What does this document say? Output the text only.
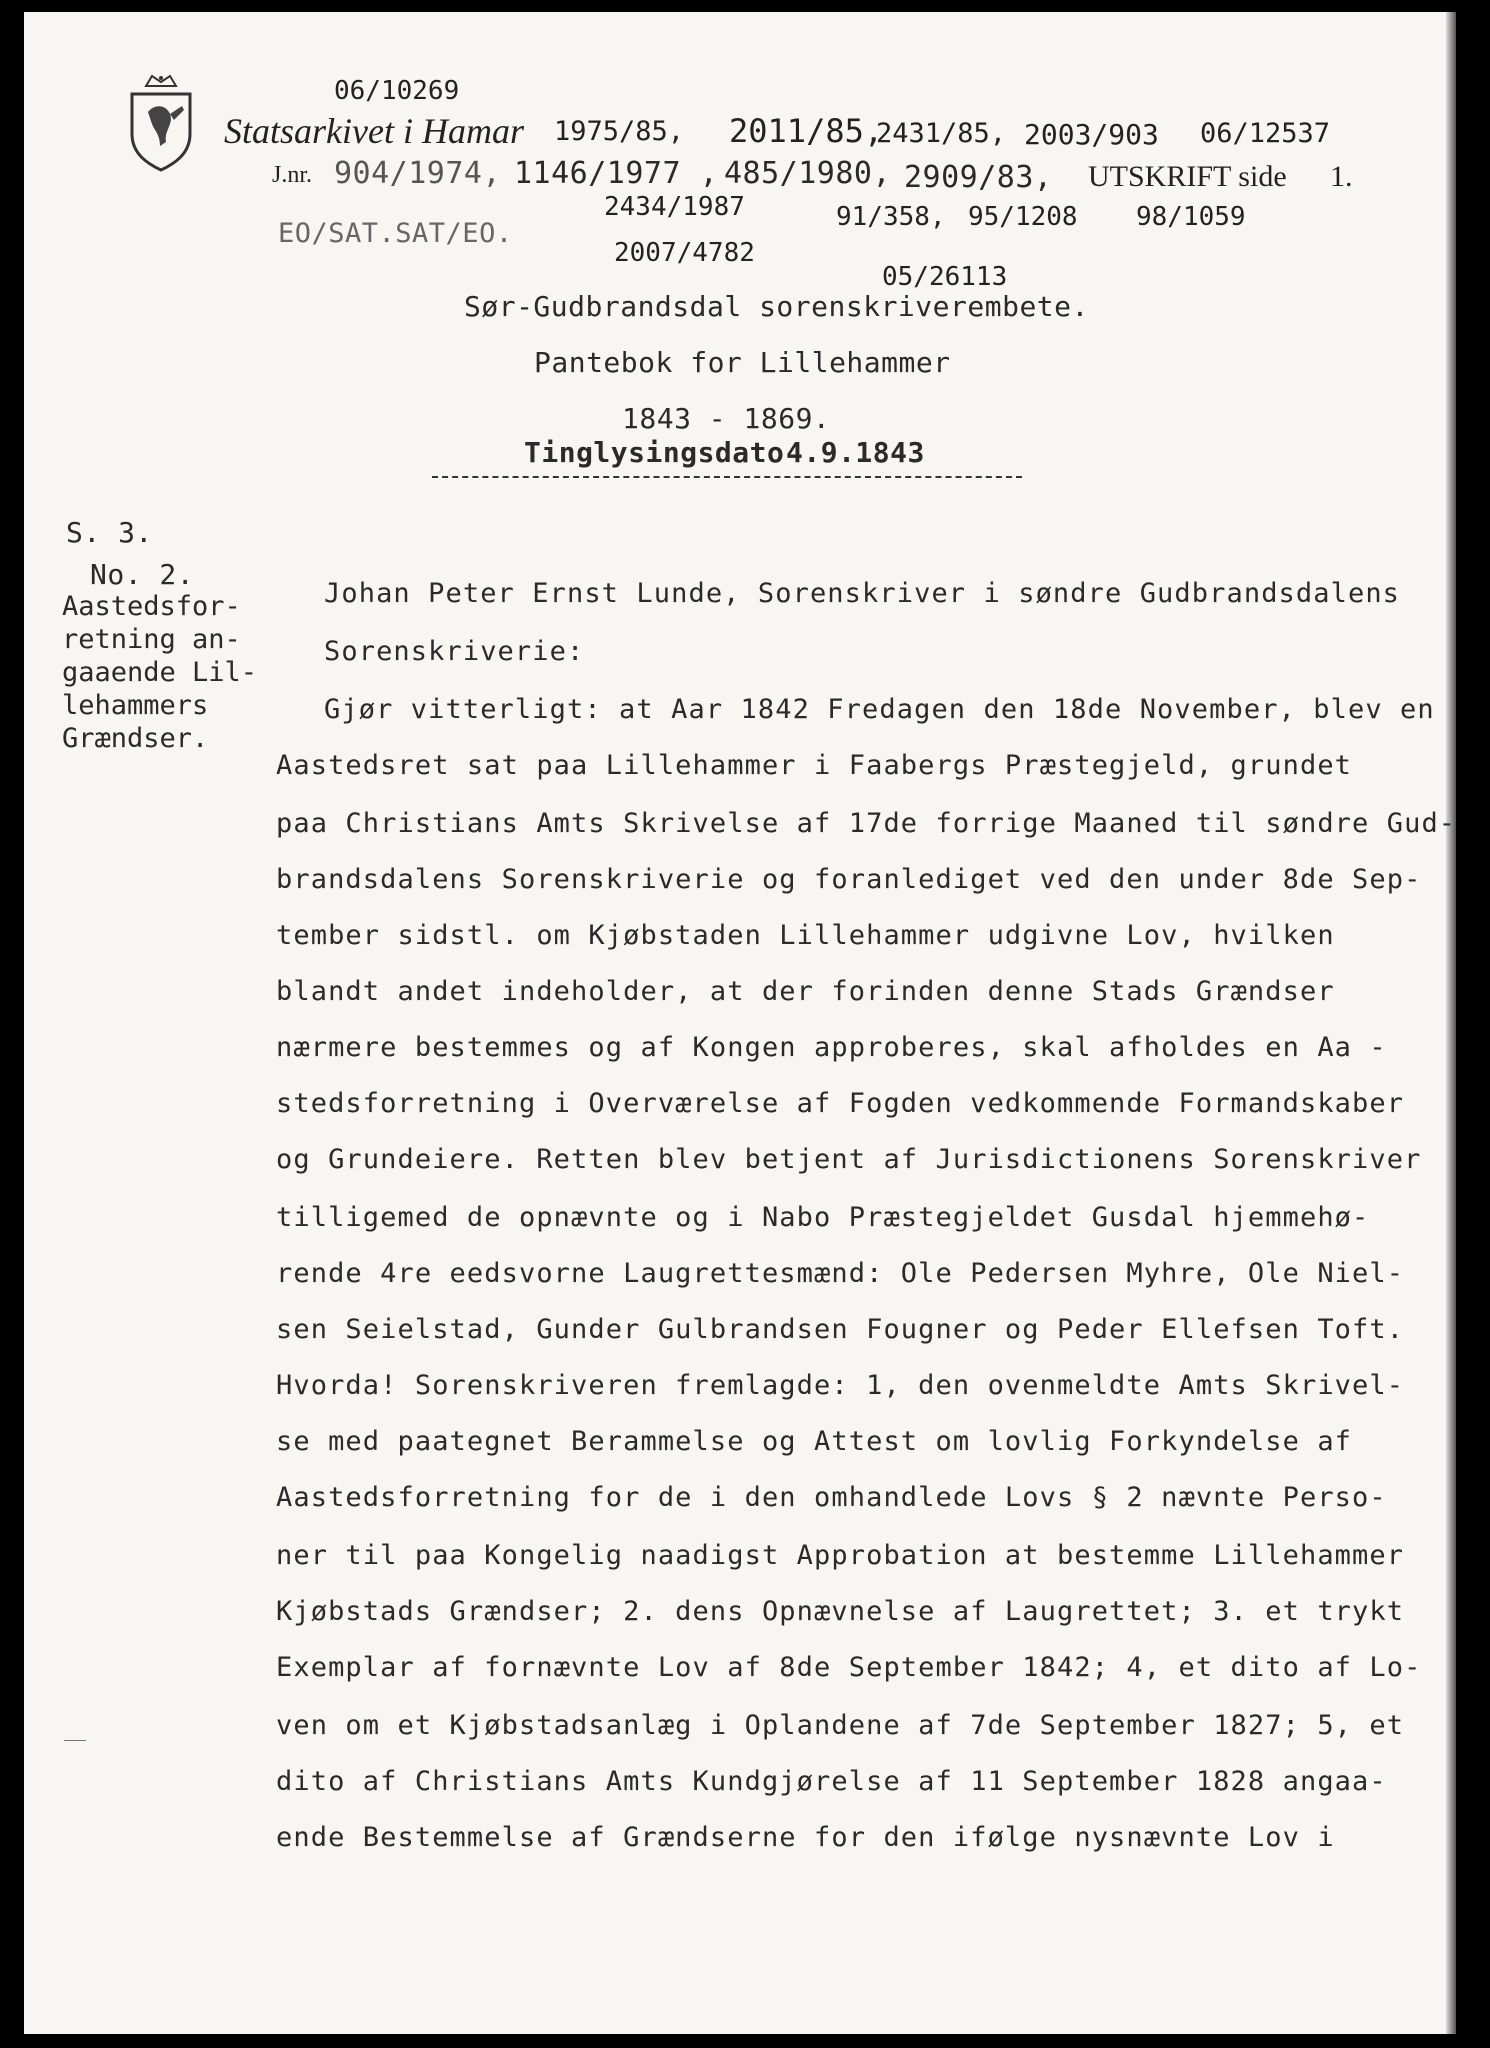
06/10269
Statsarkivet i Hamar 1975/85, 2011/85,
2431/85, 2003/903 06/12537
J.nr. 904/1974, 1146/1977 , 485/1980, 2909/83, UTSKRIFT side 1.
2434/1987
EO/SAT.SAT/EO.
91/358, 95/1208 98/1059
2007/4782
05/26113
Sør-Gudbrandsdal sorenskriverembete.
Pantebok for Lillehammer
1843 - 1869.
Tinglysingsdato 4.9.1843
S. 3.
No. 2.
Aastedsfor-
retning an-
gaaende Lil-
lehammers
Grændser.
Johan Peter Ernst Lunde, Sorenskriver i søndre Gudbrandsdalens
Sorenskriverie:
Gjør vitterligt: at Aar 1842 Fredagen den 18de November, blev en
Aastedsret sat paa Lillehammer i Faabergs Præstegjeld, grundet
paa Christians Amts Skrivelse af 17de forrige Maaned til søndre Gud-
brandsdalens Sorenskriverie og foranlediget ved den under 8de Sep-
tember sidstl. om Kjøbstaden Lillehammer udgivne Lov, hvilken
blandt andet indeholder, at der forinden denne Stads Grændser
nærmere bestemmes og af Kongen approberes, skal afholdes en Aa -
stedsforretning i Overværelse af Fogden vedkommende Formandskaber
og Grundeiere. Retten blev betjent af Jurisdictionens Sorenskriver
tilligemed de opnævnte og i Nabo Præstegjeldet Gusdal hjemmehø-
rende 4re eedsvorne Laugrettesmænd: Ole Pedersen Myhre, Ole Niel-
sen Seielstad, Gunder Gulbrandsen Fougner og Peder Ellefsen Toft.
Hvorda! Sorenskriveren fremlagde: 1, den ovenmeldte Amts Skrivel-
se med paategnet Berammelse og Attest om lovlig Forkyndelse af
Aastedsforretning for de i den omhandlede Lovs § 2 nævnte Perso-
ner til paa Kongelig naadigst Approbation at bestemme Lillehammer
Kjøbstads Grændser; 2. dens Opnævnelse af Laugrettet; 3. et trykt
Exemplar af fornævnte Lov af 8de September 1842; 4, et dito af Lo-
ven om et Kjøbstadsanlæg i Oplandene af 7de September 1827; 5, et
dito af Christians Amts Kundgjørelse af 11 September 1828 angaa-
ende Bestemmelse af Grændserne for den ifølge nysnævnte Lov i
